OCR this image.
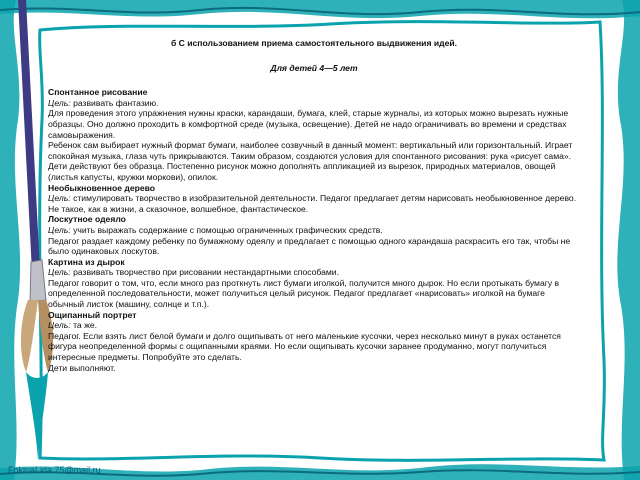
б С использованием приема самостоятельного выдвижения идей.
Для детей 4—5 лет
Спонтанное рисование

Цель: развивать фантазию.

Для проведения этого упражнения нужны краски, карандаши, бумага, клей, старые журналы, из которых можно вырезать нужные образцы. Оно должно проходить в комфортной среде (музыка, освещение). Детей не надо ограничивать во времени и средствах самовыражения.

Ребенок сам выбирает нужный формат бумаги, наиболее созвучный в данный момент: вертикальный или горизонтальный. Играет спокойная музыка, глаза чуть прикрываются. Таким образом, создаются условия для спонтанного рисования: рука «рисует сама». Дети действуют без образца. Постепенно рисунок можно дополнять аппликацией из вырезок, природных материалов, овощей (листья капусты, кружки моркови), опилок.

Необыкновенное дерево

Цель: стимулировать творчество в изобразительной деятельности. Педагог предлагает детям нарисовать необыкновенное дерево. Не такое, как в жизни, а сказочное, волшебное, фантастическое.

Лоскутное одеяло

Цель: учить выражать содержание с помощью ограниченных графических средств.

Педагог раздает каждому ребенку по бумажному одеялу и предлагает с помощью одного карандаша раскрасить его так, чтобы не было одинаковых лоскутов.

Картина из дырок

Цель: развивать творчество при рисовании нестандартными способами.

Педагог говорит о том, что, если много раз проткнуть лист бумаги иголкой, получится много дырок. Но если протыкать бумагу в определенной последовательности, может получиться целый рисунок. Педагог предлагает «нарисовать» иголкой на бумаге обычный листок (машину, солнце и т.п.).

Ощипанный портрет

Цель: та же.

Педагог. Если взять лист белой бумаги и долго ощипывать от него маленькие кусочки, через несколько минут в руках останется фигура неопределенной формы с ощипанными краями. Но если ощипывать кусочки заранее продуманно, могут получиться интересные предметы. Попробуйте это сделать.

Дети выполняют.

FokinaLida.75@mail.ru
